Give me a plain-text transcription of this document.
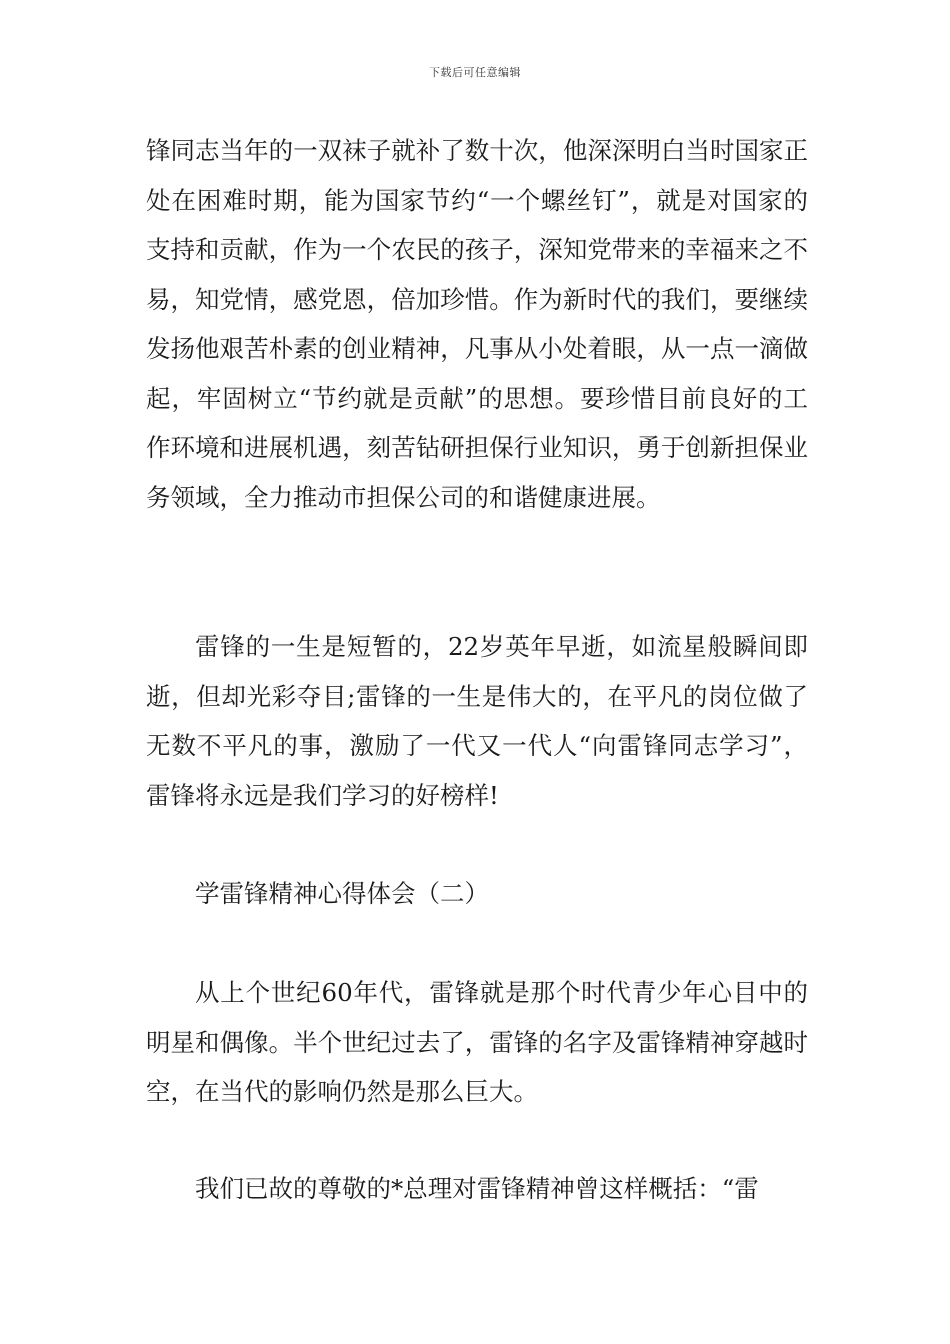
下载后可任意编辑

锋同志当年的一双袜子就补了数十次，他深深明白当时国家正处在困难时期，能为国家节约“一个螺丝钉”，就是对国家的支持和贡献，作为一个农民的孩子，深知党带来的幸福来之不易，知党情，感党恩，倍加珍惜。作为新时代的我们，要继续发扬他艰苦朴素的创业精神，凡事从小处着眼，从一点一滴做起，牢固树立“节约就是贡献”的思想。要珍惜目前良好的工作环境和进展机遇，刻苦钻研担保行业知识，勇于创新担保业务领域，全力推动市担保公司的和谐健康进展。

雷锋的一生是短暂的，22岁英年早逝，如流星般瞬间即逝，但却光彩夺目;雷锋的一生是伟大的，在平凡的岗位做了无数不平凡的事，激励了一代又一代人“向雷锋同志学习”，雷锋将永远是我们学习的好榜样!

学雷锋精神心得体会（二）

从上个世纪60年代，雷锋就是那个时代青少年心目中的明星和偶像。半个世纪过去了，雷锋的名字及雷锋精神穿越时空，在当代的影响仍然是那么巨大。

我们已故的尊敬的*总理对雷锋精神曾这样概括：“雷
